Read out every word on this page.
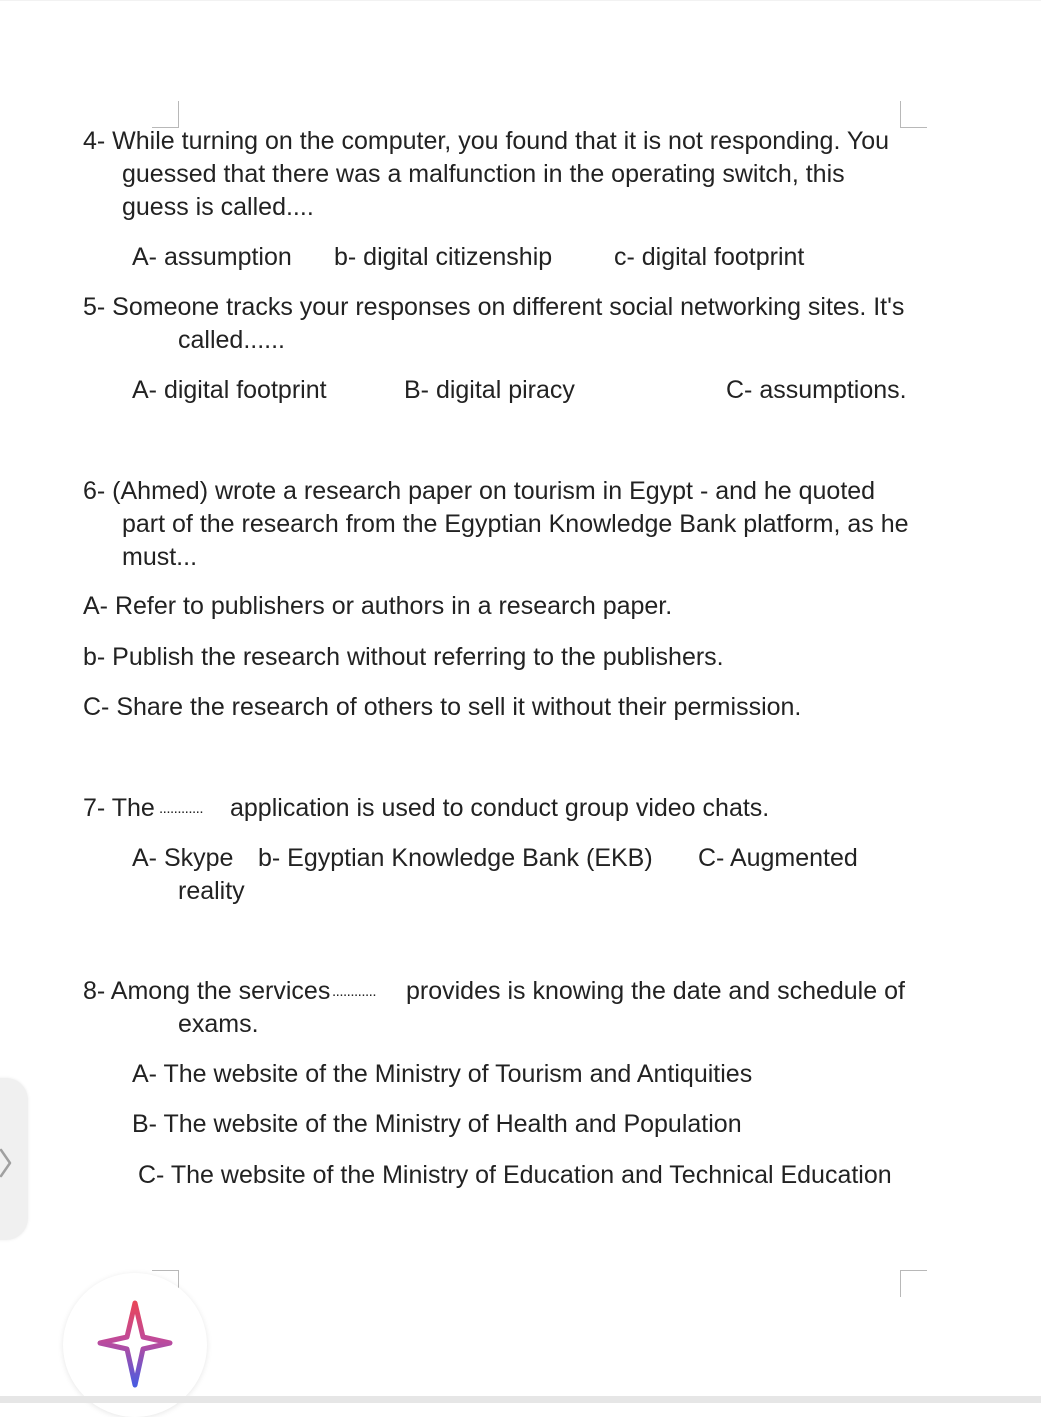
4- While turning on the computer, you found that it is not responding. You
guessed that there was a malfunction in the operating switch, this
guess is called....
A- assumption b- digital citizenship c- digital footprint
5- Someone tracks your responses on different social networking sites. It's
called......
A- digital footprint	B- digital piracy	C- assumptions.
6- (Ahmed) wrote a research paper on tourism in Egypt - and he quoted
part of the research from the Egyptian Knowledge Bank platform, as he
must...
A- Refer to publishers or authors in a research paper.
b- Publish the research without referring to the publishers.
C- Share the research of others to sell it without their permission.
7- The ............ application is used to conduct group video chats.
A- Skype b- Egyptian Knowledge Bank (EKB) C- Augmented
reality
8- Among the services ............ provides is knowing the date and schedule of
exams.
A- The website of the Ministry of Tourism and Antiquities
B- The website of the Ministry of Health and Population
C- The website of the Ministry of Education and Technical Education
